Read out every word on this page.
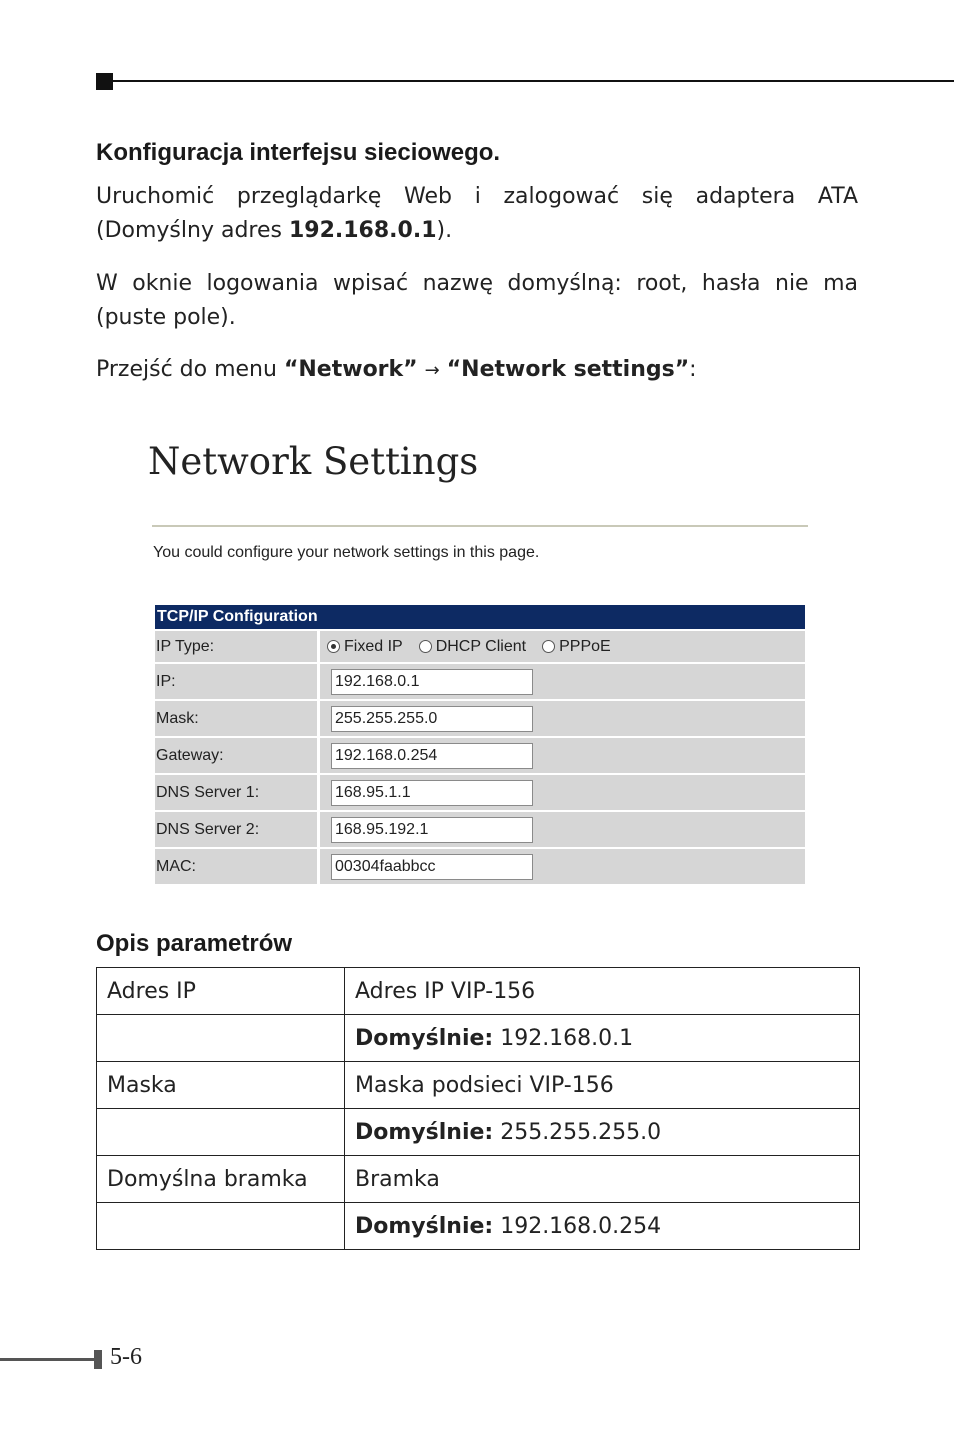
Konfiguracja interfejsu sieciowego.
Uruchomić przeglądarkę Web i zalogować się adaptera ATA (Domyślny adres 192.168.0.1).
W oknie logowania wpisać nazwę domyślną: root, hasła nie ma (puste pole).
Przejść do menu “Network” → “Network settings”:
Network Settings
You could configure your network settings in this page.
TCP/IP Configuration
IP Type:	Fixed IP DHCP Client PPPoE
IP:	192.168.0.1
Mask:	255.255.255.0
Gateway:	192.168.0.254
DNS Server 1:	168.95.1.1
DNS Server 2:	168.95.192.1
MAC:	00304faabbcc
Opis parametrów
Adres IP	Adres IP VIP-156
	Domyślnie: 192.168.0.1
Maska	Maska podsieci VIP-156
	Domyślnie: 255.255.255.0
Domyślna bramka	Bramka
	Domyślnie: 192.168.0.254
5-6
